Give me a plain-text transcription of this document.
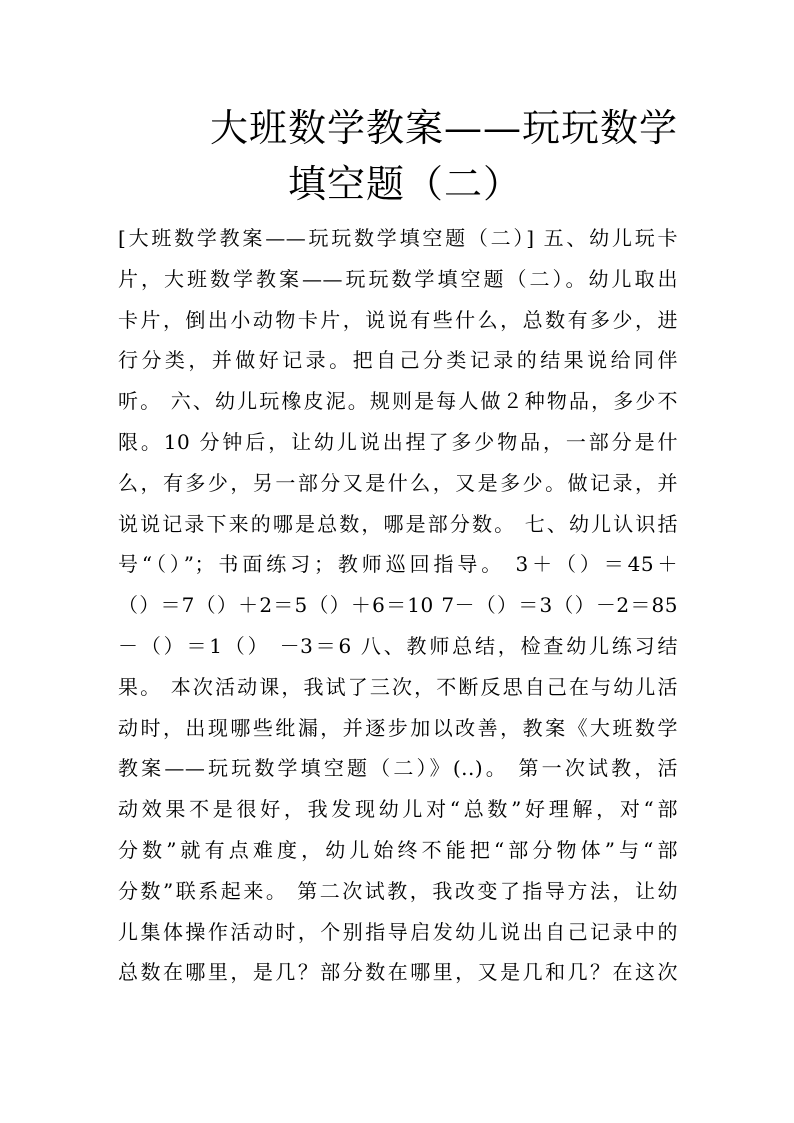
大班数学教案——玩玩数学
填空题（二）
[大班数学教案——玩玩数学填空题（二）] 五、幼儿玩卡
片，大班数学教案——玩玩数学填空题（二）。幼儿取出
卡片，倒出小动物卡片，说说有些什么，总数有多少，进
行分类，并做好记录。把自己分类记录的结果说给同伴
听。 六、幼儿玩橡皮泥。规则是每人做２种物品，多少不
限。10 分钟后，让幼儿说出捏了多少物品，一部分是什
么，有多少，另一部分又是什么，又是多少。做记录，并
说说记录下来的哪是总数，哪是部分数。 七、幼儿认识括
号“（）”；书面练习；教师巡回指导。 3＋（）＝45＋
（）＝7（）＋2＝5（）＋6＝10 7－（）＝3（）－2＝85
－（）＝1（） －3＝6 八、教师总结，检查幼儿练习结
果。 本次活动课，我试了三次，不断反思自己在与幼儿活
动时，出现哪些纰漏，并逐步加以改善，教案《大班数学
教案——玩玩数学填空题（二）》(..)。 第一次试教，活
动效果不是很好，我发现幼儿对“总数”好理解，对“部
分数”就有点难度，幼儿始终不能把“部分物体”与“部
分数”联系起来。 第二次试教，我改变了指导方法，让幼
儿集体操作活动时，个别指导启发幼儿说出自己记录中的
总数在哪里，是几？部分数在哪里，又是几和几？在这次
